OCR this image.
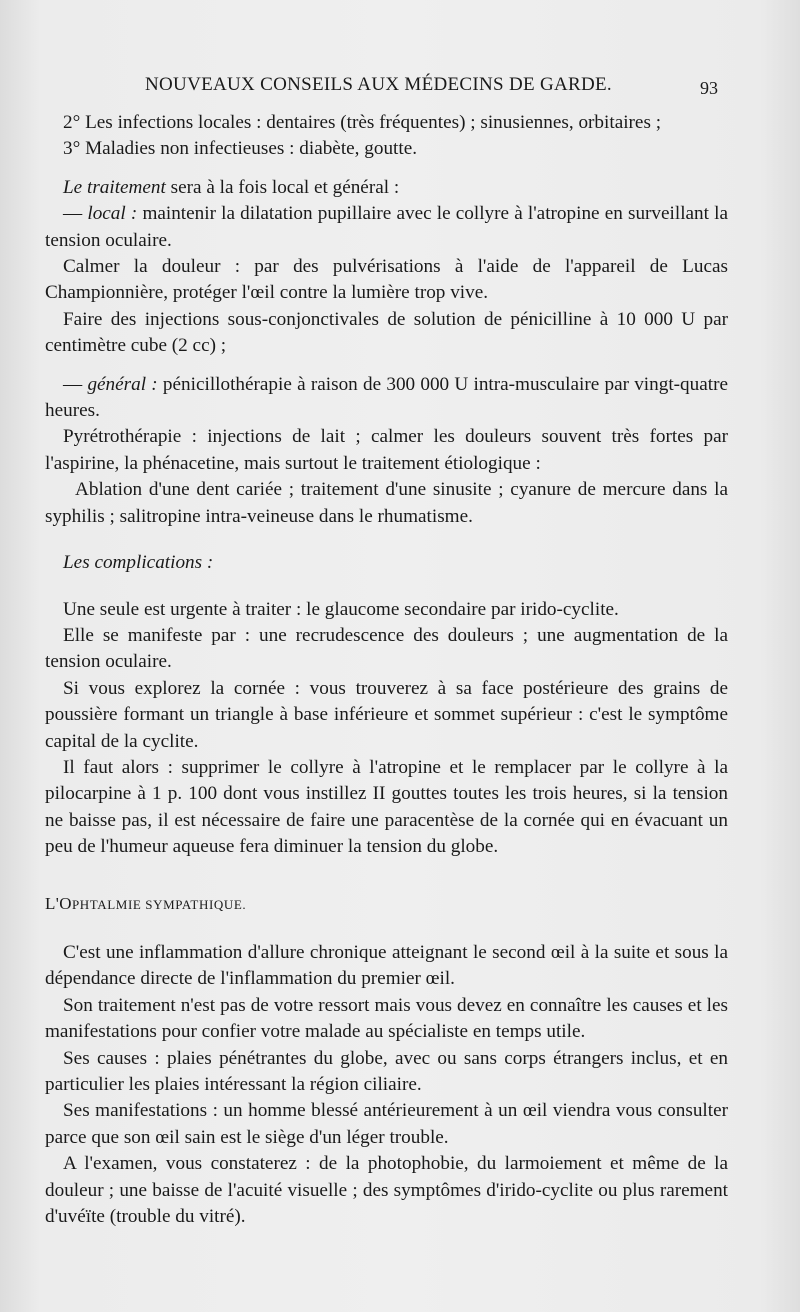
NOUVEAUX CONSEILS AUX MÉDECINS DE GARDE.	93

2° Les infections locales : dentaires (très fréquentes) ; sinusiennes, orbitaires ;

3° Maladies non infectieuses : diabète, goutte.

Le traitement sera à la fois local et général :

— local : maintenir la dilatation pupillaire avec le collyre à l'atropine en surveillant la tension oculaire.

Calmer la douleur : par des pulvérisations à l'aide de l'appareil de Lucas Championnière, protéger l'œil contre la lumière trop vive.

Faire des injections sous-conjonctivales de solution de pénicilline à 10 000 U par centimètre cube (2 cc) ;

— général : pénicillothérapie à raison de 300 000 U intra-musculaire par vingt-quatre heures.

Pyrétrothérapie : injections de lait ; calmer les douleurs souvent très fortes par l'aspirine, la phénacetine, mais surtout le traitement étiologique :

Ablation d'une dent cariée ; traitement d'une sinusite ; cyanure de mercure dans la syphilis ; salitropine intra-veineuse dans le rhumatisme.

Les complications :

Une seule est urgente à traiter : le glaucome secondaire par irido-cyclite.

Elle se manifeste par : une recrudescence des douleurs ; une augmentation de la tension oculaire.

Si vous explorez la cornée : vous trouverez à sa face postérieure des grains de poussière formant un triangle à base inférieure et sommet supérieur : c'est le symptôme capital de la cyclite.

Il faut alors : supprimer le collyre à l'atropine et le remplacer par le collyre à la pilocarpine à 1 p. 100 dont vous instillez II gouttes toutes les trois heures, si la tension ne baisse pas, il est nécessaire de faire une paracentèse de la cornée qui en évacuant un peu de l'humeur aqueuse fera diminuer la tension du globe.

L'OPHTALMIE SYMPATHIQUE.

C'est une inflammation d'allure chronique atteignant le second œil à la suite et sous la dépendance directe de l'inflammation du premier œil.

Son traitement n'est pas de votre ressort mais vous devez en connaître les causes et les manifestations pour confier votre malade au spécialiste en temps utile.

Ses causes : plaies pénétrantes du globe, avec ou sans corps étrangers inclus, et en particulier les plaies intéressant la région ciliaire.

Ses manifestations : un homme blessé antérieurement à un œil viendra vous consulter parce que son œil sain est le siège d'un léger trouble.

A l'examen, vous constaterez : de la photophobie, du larmoiement et même de la douleur ; une baisse de l'acuité visuelle ; des symptômes d'irido-cyclite ou plus rarement d'uvéïte (trouble du vitré).
